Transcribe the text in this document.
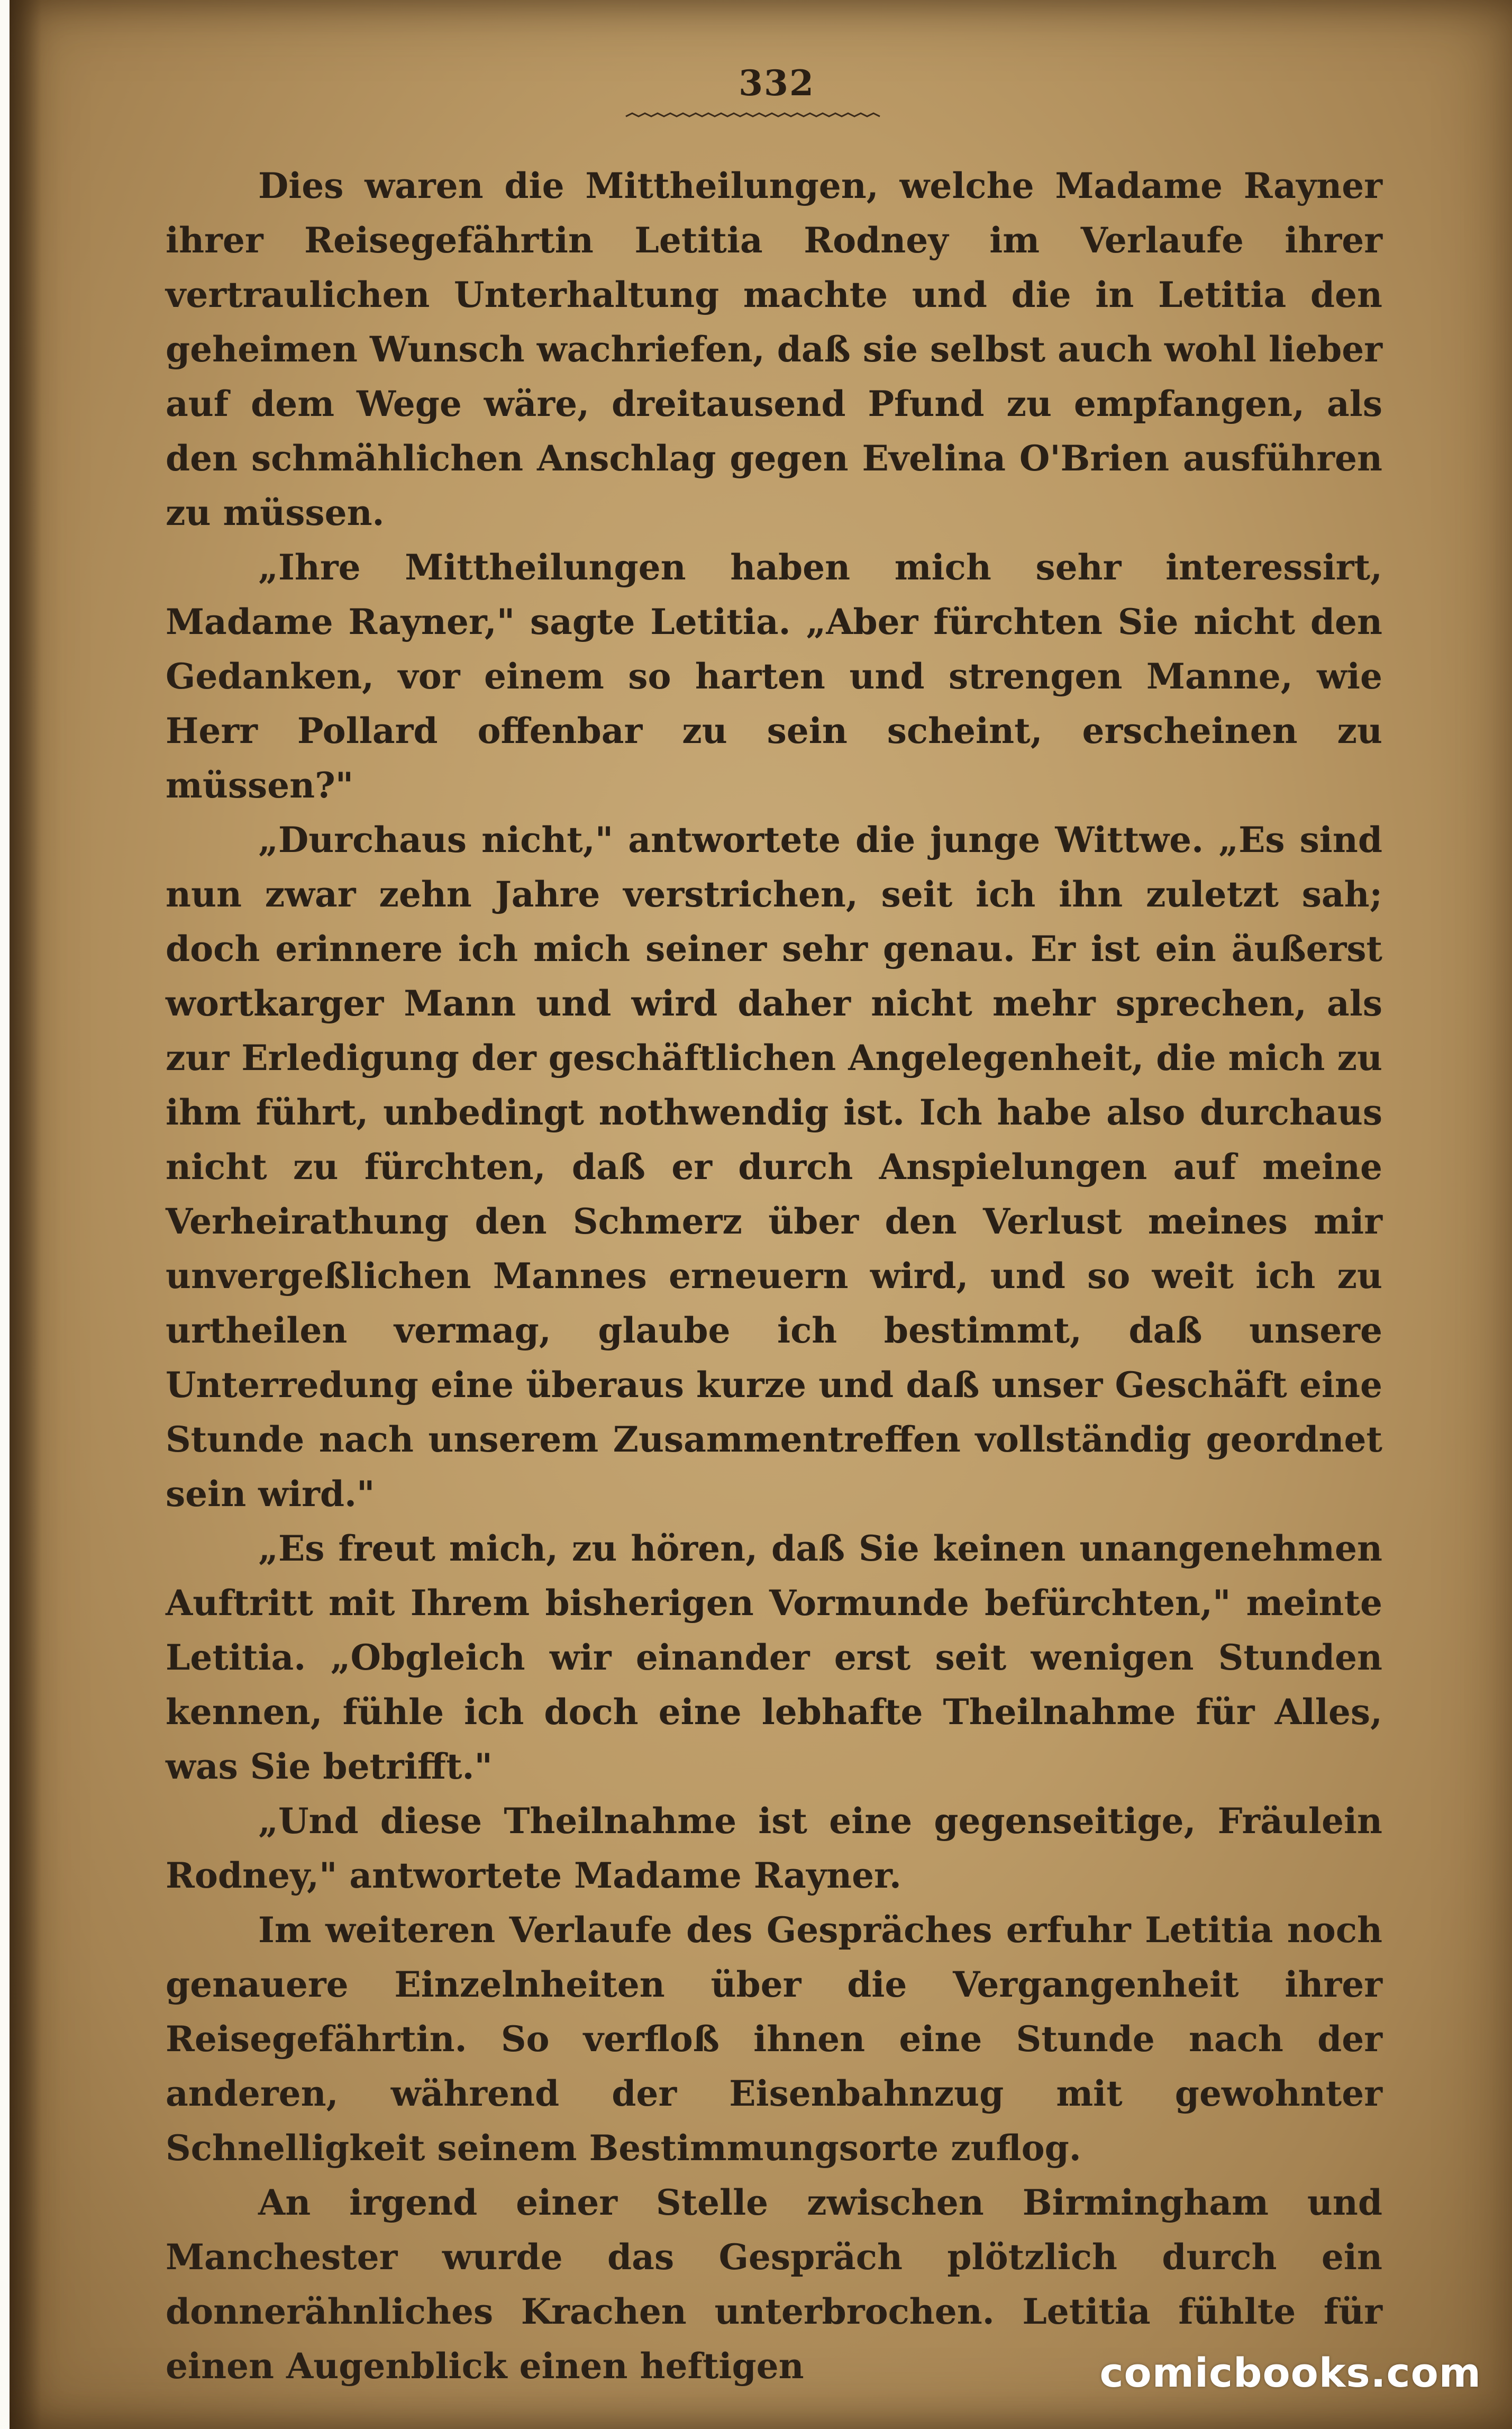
332

Dies waren die Mittheilungen, welche Madame Rayner ihrer Reisegefährtin Letitia Rodney im Verlaufe ihrer vertraulichen Unterhaltung machte und die in Letitia den geheimen Wunsch wachriefen, daß sie selbst auch wohl lieber auf dem Wege wäre, dreitausend Pfund zu empfangen, als den schmählichen Anschlag gegen Evelina O'Brien ausführen zu müssen.

„Ihre Mittheilungen haben mich sehr interessirt, Madame Rayner," sagte Letitia. „Aber fürchten Sie nicht den Gedanken, vor einem so harten und strengen Manne, wie Herr Pollard offenbar zu sein scheint, erscheinen zu müssen?"

„Durchaus nicht," antwortete die junge Wittwe. „Es sind nun zwar zehn Jahre verstrichen, seit ich ihn zuletzt sah; doch erinnere ich mich seiner sehr genau. Er ist ein äußerst wortkarger Mann und wird daher nicht mehr sprechen, als zur Erledigung der geschäftlichen Angelegenheit, die mich zu ihm führt, unbedingt nothwendig ist. Ich habe also durchaus nicht zu fürchten, daß er durch Anspielungen auf meine Verheirathung den Schmerz über den Verlust meines mir unvergeßlichen Mannes erneuern wird, und so weit ich zu urtheilen vermag, glaube ich bestimmt, daß unsere Unterredung eine überaus kurze und daß unser Geschäft eine Stunde nach unserem Zusammentreffen vollständig geordnet sein wird."

„Es freut mich, zu hören, daß Sie keinen unangenehmen Auftritt mit Ihrem bisherigen Vormunde befürchten," meinte Letitia. „Obgleich wir einander erst seit wenigen Stunden kennen, fühle ich doch eine lebhafte Theilnahme für Alles, was Sie betrifft."

„Und diese Theilnahme ist eine gegenseitige, Fräulein Rodney," antwortete Madame Rayner.

Im weiteren Verlaufe des Gespräches erfuhr Letitia noch genauere Einzelnheiten über die Vergangenheit ihrer Reisegefährtin. So verfloß ihnen eine Stunde nach der anderen, während der Eisenbahnzug mit gewohnter Schnelligkeit seinem Bestimmungsorte zuflog.

An irgend einer Stelle zwischen Birmingham und Manchester wurde das Gespräch plötzlich durch ein donnerähnliches Krachen unterbrochen. Letitia fühlte für einen Augenblick einen heftigen	comicbooks.com
